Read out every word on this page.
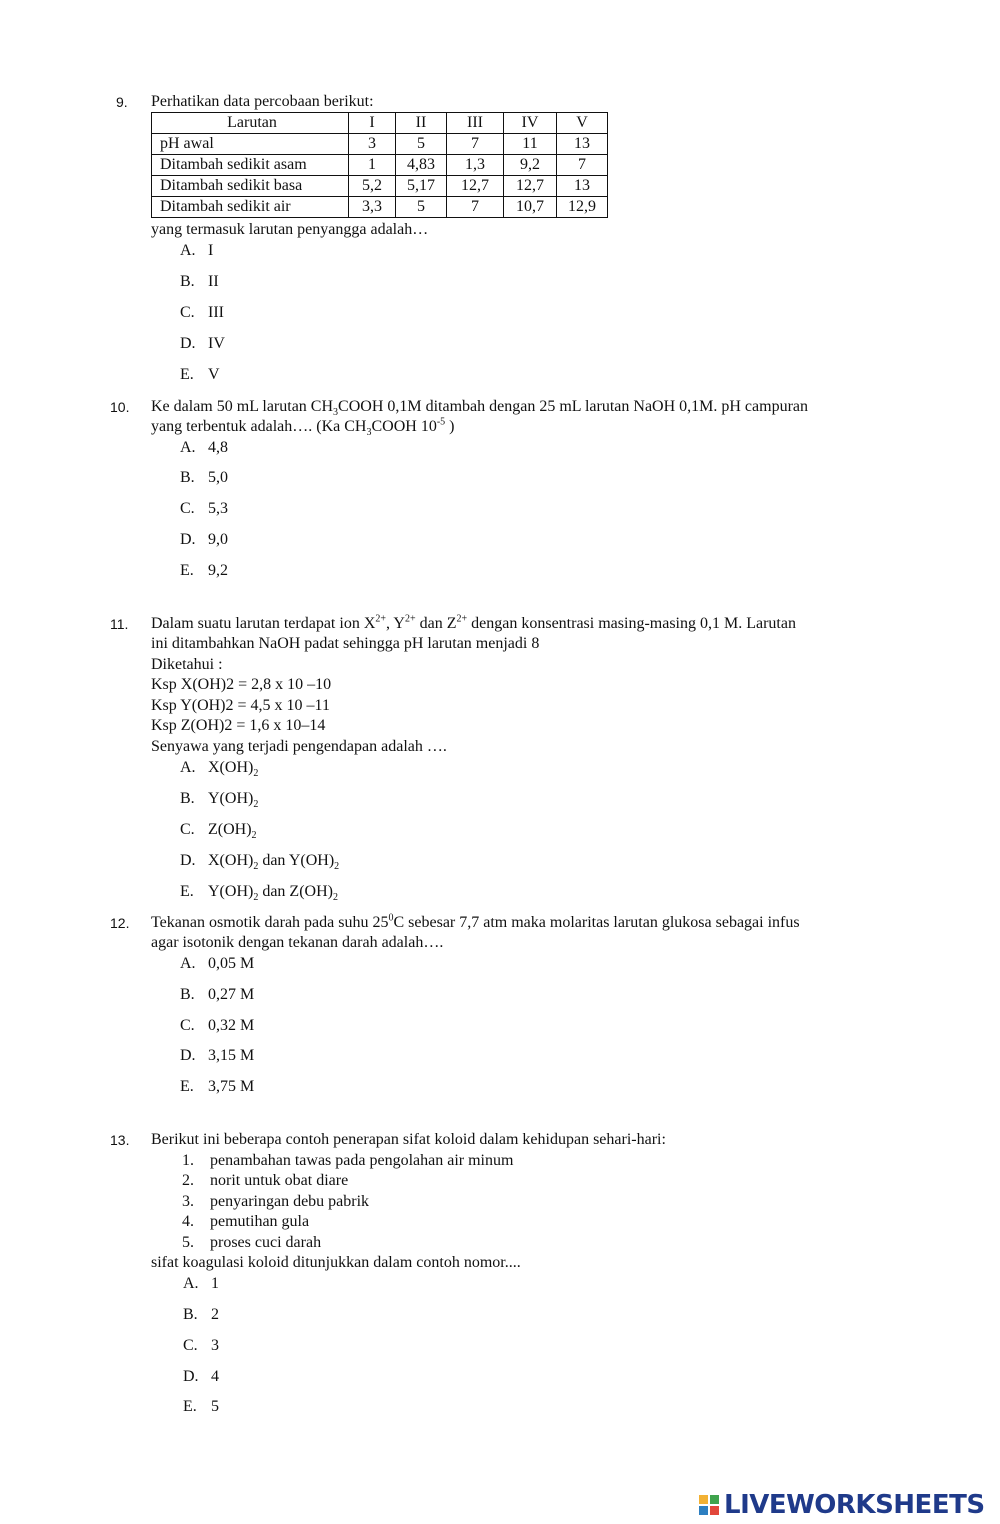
9. Perhatikan data percobaan berikut:
Larutan	I	II	III	IV	V
pH awal	3	5	7	11	13
Ditambah sedikit asam	1	4,83	1,3	9,2	7
Ditambah sedikit basa	5,2	5,17	12,7	12,7	13
Ditambah sedikit air	3,3	5	7	10,7	12,9
yang termasuk larutan penyangga adalah…
A. I
B. II
C. III
D. IV
E. V
10. Ke dalam 50 mL larutan $CH_3COOH$ 0,1M ditambah dengan 25 mL larutan NaOH 0,1M. pH campuran
yang terbentuk adalah…. (Ka $CH_3COOH$ $10^{-5}$ )
A. 4,8
B. 5,0
C. 5,3
D. 9,0
E. 9,2
11. Dalam suatu larutan terdapat ion $X^{2+}$, $Y^{2+}$ dan $Z^{2+}$ dengan konsentrasi masing-masing 0,1 M. Larutan
ini ditambahkan NaOH padat sehingga pH larutan menjadi 8
Diketahui :
Ksp X(OH)2 = 2,8 x 10 –10
Ksp Y(OH)2 = 4,5 x 10 –11
Ksp Z(OH)2 = 1,6 x 10–14
Senyawa yang terjadi pengendapan adalah ….
A. $X(OH)_2$
B. $Y(OH)_2$
C. $Z(OH)_2$
D. $X(OH)_2$ dan $Y(OH)_2$
E. $Y(OH)_2$ dan $Z(OH)_2$
12. Tekanan osmotik darah pada suhu $25^0C$ sebesar 7,7 atm maka molaritas larutan glukosa sebagai infus
agar isotonik dengan tekanan darah adalah….
A. 0,05 M
B. 0,27 M
C. 0,32 M
D. 3,15 M
E. 3,75 M
13. Berikut ini beberapa contoh penerapan sifat koloid dalam kehidupan sehari-hari:
1. penambahan tawas pada pengolahan air minum
2. norit untuk obat diare
3. penyaringan debu pabrik
4. pemutihan gula
5. proses cuci darah
sifat koagulasi koloid ditunjukkan dalam contoh nomor....
A. 1
B. 2
C. 3
D. 4
E. 5
LIVEWORKSHEETS
